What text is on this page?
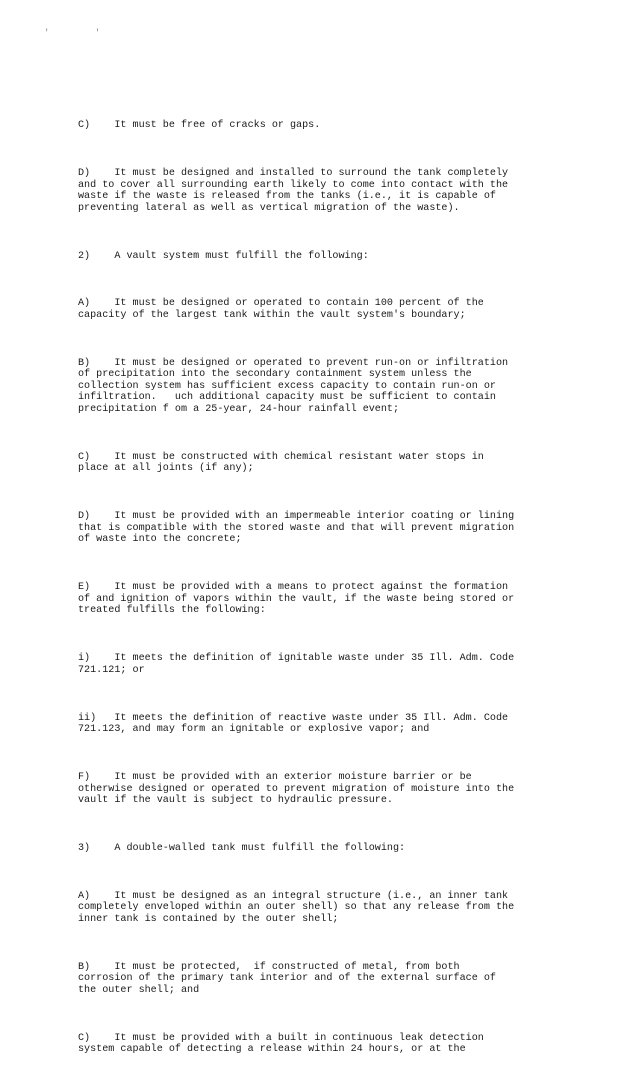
' '

C)    It must be free of cracks or gaps.

D)    It must be designed and installed to surround the tank completely
and to cover all surrounding earth likely to come into contact with the
waste if the waste is released from the tanks (i.e., it is capable of
preventing lateral as well as vertical migration of the waste).

2)    A vault system must fulfill the following:

A)    It must be designed or operated to contain 100 percent of the
capacity of the largest tank within the vault system's boundary;

B)    It must be designed or operated to prevent run-on or infiltration
of precipitation into the secondary containment system unless the
collection system has sufficient excess capacity to contain run-on or
infiltration.   uch additional capacity must be sufficient to contain
precipitation f om a 25-year, 24-hour rainfall event;

C)    It must be constructed with chemical resistant water stops in
place at all joints (if any);

D)    It must be provided with an impermeable interior coating or lining
that is compatible with the stored waste and that will prevent migration
of waste into the concrete;

E)    It must be provided with a means to protect against the formation
of and ignition of vapors within the vault, if the waste being stored or
treated fulfills the following:

i)    It meets the definition of ignitable waste under 35 Ill. Adm. Code
721.121; or

ii)   It meets the definition of reactive waste under 35 Ill. Adm. Code
721.123, and may form an ignitable or explosive vapor; and

F)    It must be provided with an exterior moisture barrier or be
otherwise designed or operated to prevent migration of moisture into the
vault if the vault is subject to hydraulic pressure.

3)    A double-walled tank must fulfill the following:

A)    It must be designed as an integral structure (i.e., an inner tank
completely enveloped within an outer shell) so that any release from the
inner tank is contained by the outer shell;

B)    It must be protected,  if constructed of metal, from both
corrosion of the primary tank interior and of the external surface of
the outer shell; and

C)    It must be provided with a built in continuous leak detection
system capable of detecting a release within 24 hours, or at the
